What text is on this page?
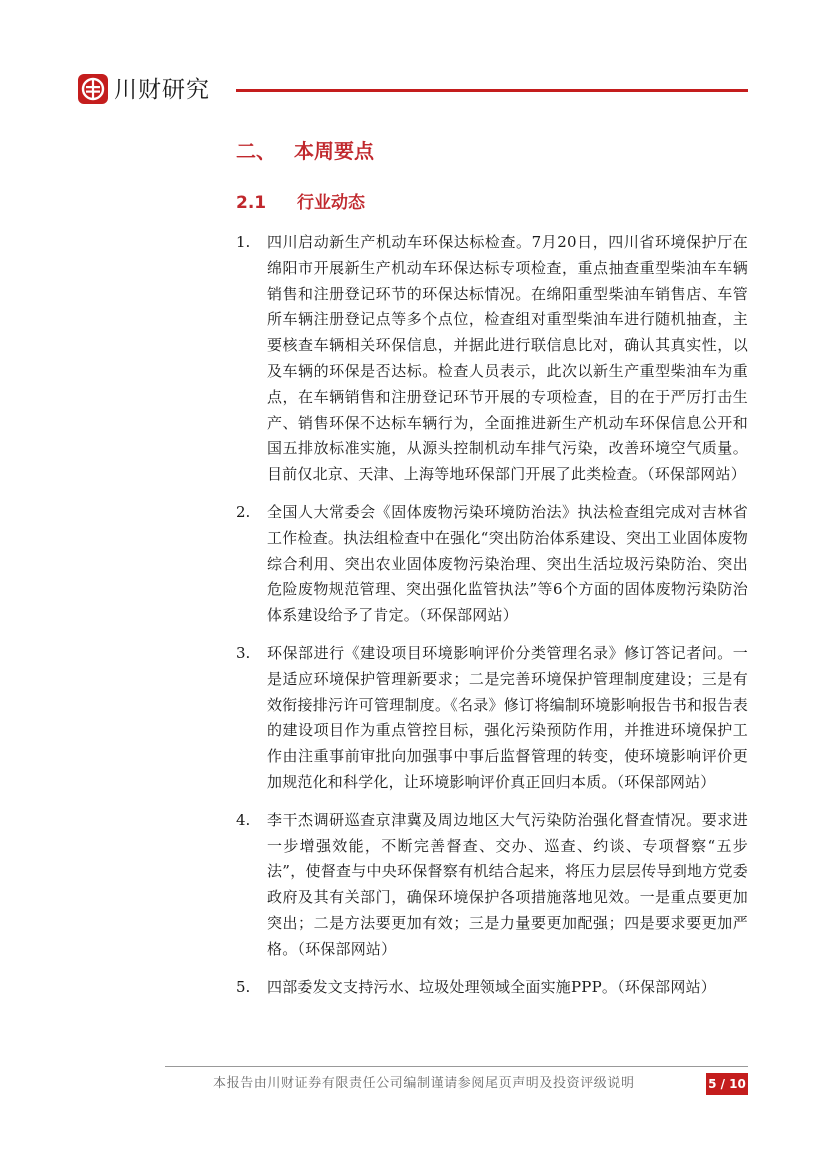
川财研究
二、 本周要点
2.1 行业动态
1. 四川启动新生产机动车环保达标检查。7月20日，四川省环境保护厅在绵阳市开展新生产机动车环保达标专项检查，重点抽查重型柴油车车辆销售和注册登记环节的环保达标情况。在绵阳重型柴油车销售店、车管所车辆注册登记点等多个点位，检查组对重型柴油车进行随机抽查，主要核查车辆相关环保信息，并据此进行联信息比对，确认其真实性，以及车辆的环保是否达标。检查人员表示，此次以新生产重型柴油车为重点，在车辆销售和注册登记环节开展的专项检查，目的在于严厉打击生产、销售环保不达标车辆行为，全面推进新生产机动车环保信息公开和国五排放标准实施，从源头控制机动车排气污染，改善环境空气质量。目前仅北京、天津、上海等地环保部门开展了此类检查。（环保部网站）

2. 全国人大常委会《固体废物污染环境防治法》执法检查组完成对吉林省工作检查。执法组检查中在强化“突出防治体系建设、突出工业固体废物综合利用、突出农业固体废物污染治理、突出生活垃圾污染防治、突出危险废物规范管理、突出强化监管执法”等6个方面的固体废物污染防治体系建设给予了肯定。（环保部网站）

3. 环保部进行《建设项目环境影响评价分类管理名录》修订答记者问。一是适应环境保护管理新要求；二是完善环境保护管理制度建设；三是有效衔接排污许可管理制度。《名录》修订将编制环境影响报告书和报告表的建设项目作为重点管控目标，强化污染预防作用，并推进环境保护工作由注重事前审批向加强事中事后监督管理的转变，使环境影响评价更加规范化和科学化，让环境影响评价真正回归本质。（环保部网站）

4. 李干杰调研巡查京津冀及周边地区大气污染防治强化督查情况。要求进一步增强效能，不断完善督查、交办、巡查、约谈、专项督察“五步法”，使督查与中央环保督察有机结合起来，将压力层层传导到地方党委政府及其有关部门，确保环境保护各项措施落地见效。一是重点要更加突出；二是方法要更加有效；三是力量要更加配强；四是要求要更加严格。（环保部网站）

5. 四部委发文支持污水、垃圾处理领域全面实施PPP。（环保部网站）

本报告由川财证券有限责任公司编制谨请参阅尾页声明及投资评级说明	5 / 10
